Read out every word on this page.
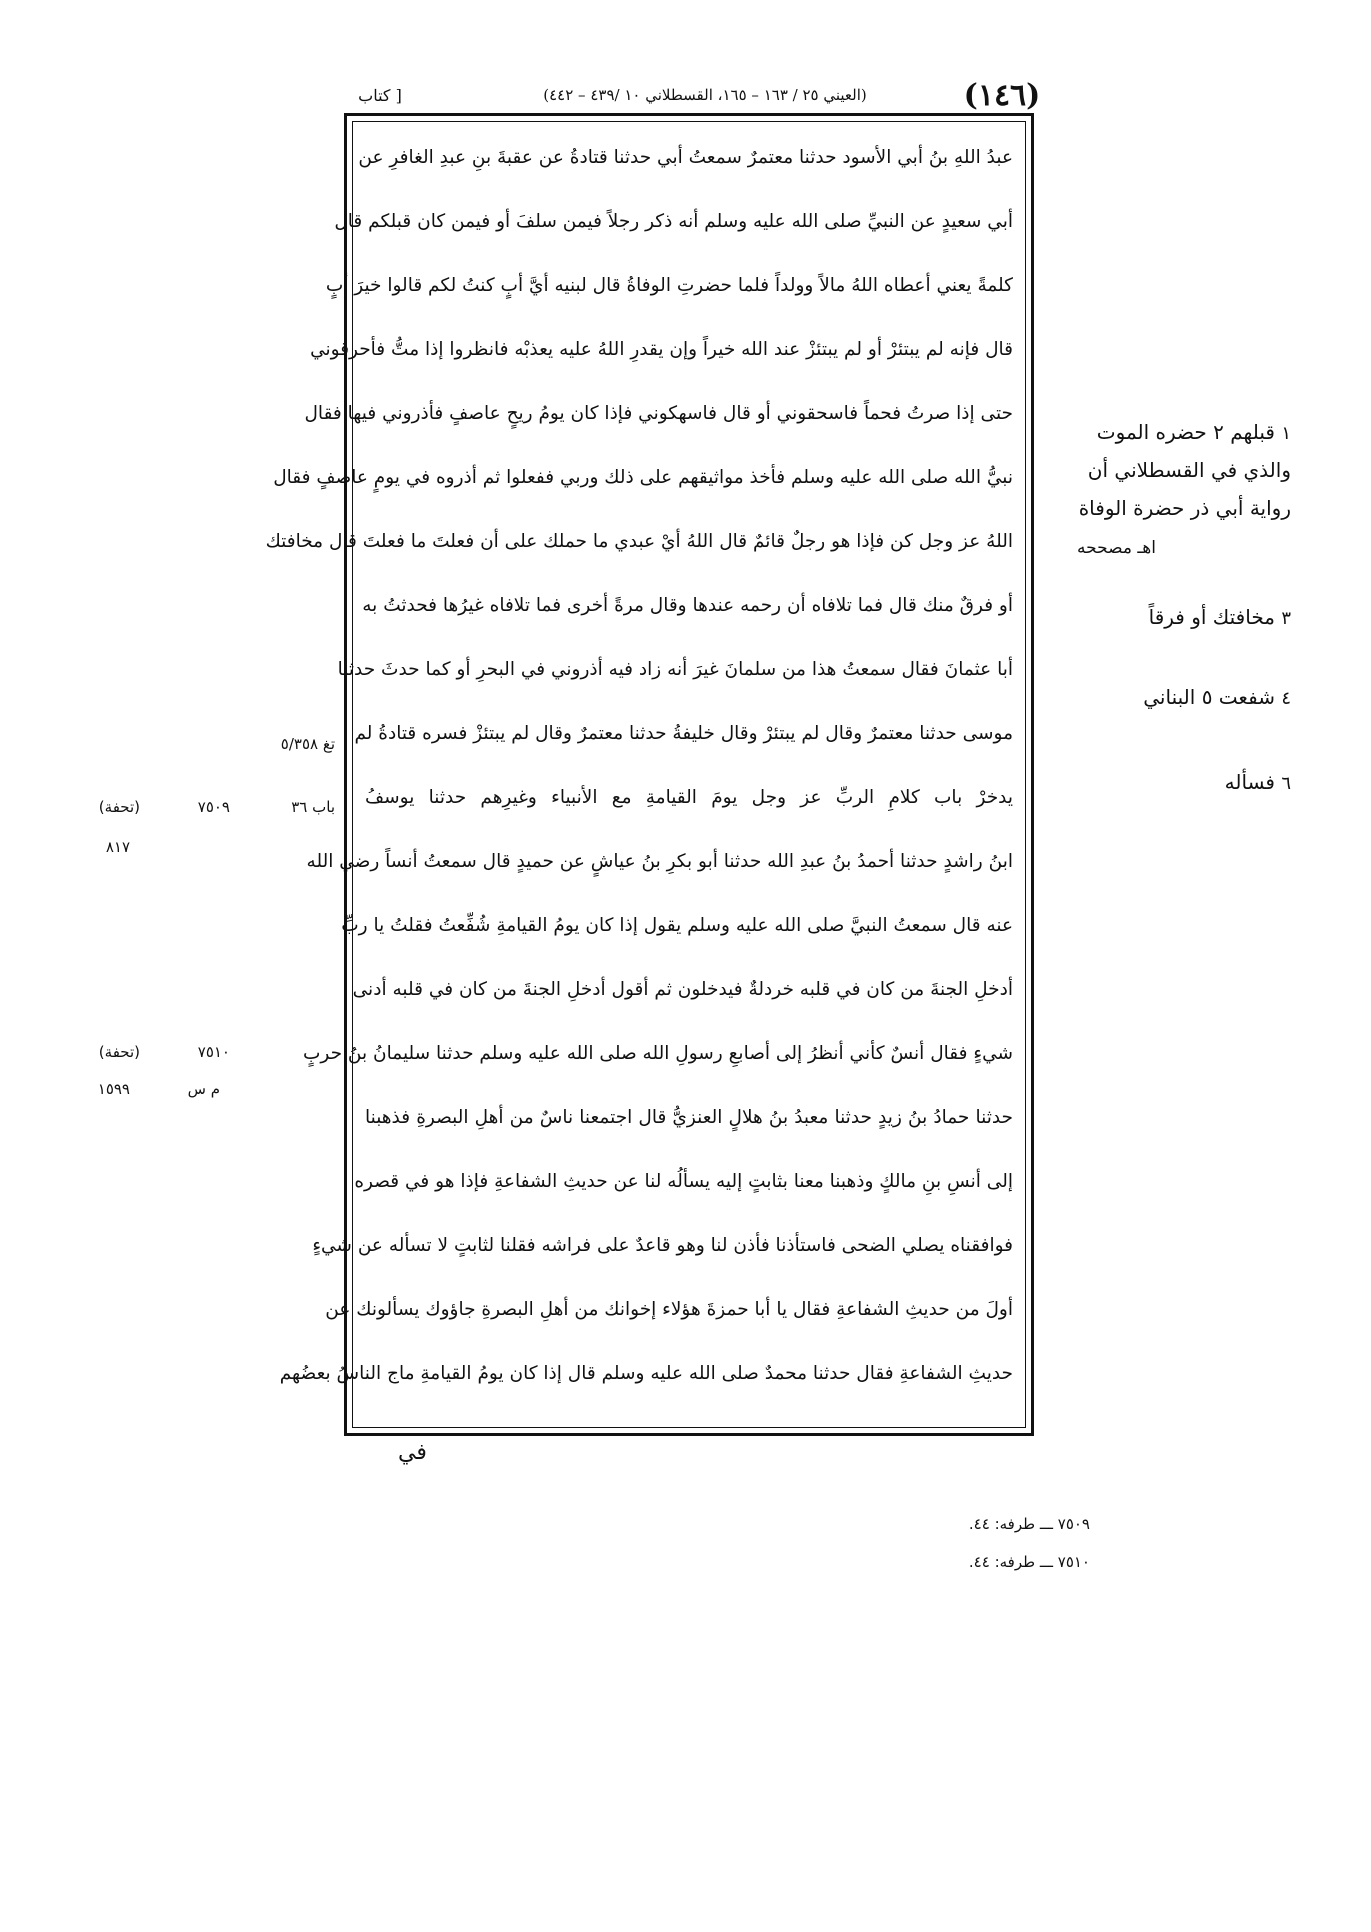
(١٤٦)
(العيني ٢٥ / ١٦٣ – ١٦٥، القسطلاني ١٠ /٤٣٩ – ٤٤٢)
[ كتاب
عبدُ اللهِ بنُ أبي الأسود حدثنا معتمرٌ سمعتُ أبي حدثنا قتادةُ عن عقبةَ بنِ عبدِ الغافرِ عن
أبي سعيدٍ عن النبيِّ صلى الله عليه وسلم أنه ذكر رجلاً فيمن سلفَ أو فيمن كان قبلكم قال
كلمةً يعني أعطاه اللهُ مالاً وولداً فلما حضرتِ الوفاةُ قال لبنيه أيَّ أبٍ كنتُ لكم قالوا خيرَ أبٍ
قال فإنه لم يبتئرْ أو لم يبتئزْ عند الله خيراً وإن يقدرِ اللهُ عليه يعذبْه فانظروا إذا متُّ فأحرقوني
حتى إذا صرتُ فحماً فاسحقوني أو قال فاسهكوني فإذا كان يومُ ريحٍ عاصفٍ فأذروني فيها فقال
نبيُّ الله صلى الله عليه وسلم فأخذ مواثيقهم على ذلك وربي ففعلوا ثم أذروه في يومٍ عاصفٍ فقال
اللهُ عز وجل كن فإذا هو رجلٌ قائمٌ قال اللهُ أيْ عبدي ما حملك على أن فعلتَ ما فعلتَ قال مخافتك
أو فرقٌ منك قال فما تلافاه أن رحمه عندها وقال مرةً أخرى فما تلافاه غيرُها فحدثتُ به
أبا عثمانَ فقال سمعتُ هذا من سلمانَ غيرَ أنه زاد فيه أذروني في البحرِ أو كما حدثَ حدثنا
موسى حدثنا معتمرٌ وقال لم يبتئرْ وقال خليفةُ حدثنا معتمرٌ وقال لم يبتئزْ فسره قتادةُ لم
يدخرْ باب كلامِ الربِّ عز وجل يومَ القيامةِ مع الأنبياء وغيرِهم حدثنا يوسفُ
ابنُ راشدٍ حدثنا أحمدُ بنُ عبدِ الله حدثنا أبو بكرِ بنُ عياشٍ عن حميدٍ قال سمعتُ أنساً رضي الله
عنه قال سمعتُ النبيَّ صلى الله عليه وسلم يقول إذا كان يومُ القيامةِ شُفِّعتُ فقلتُ يا ربِّ
أدخلِ الجنةَ من كان في قلبه خردلةٌ فيدخلون ثم أقول أدخلِ الجنةَ من كان في قلبه أدنى
شيءٍ فقال أنسٌ كأني أنظرُ إلى أصابعِ رسولِ الله صلى الله عليه وسلم حدثنا سليمانُ بنُ حربٍ
حدثنا حمادُ بنُ زيدٍ حدثنا معبدُ بنُ هلالٍ العنزيُّ قال اجتمعنا ناسٌ من أهلِ البصرةِ فذهبنا
إلى أنسِ بنِ مالكٍ وذهبنا معنا بثابتٍ إليه يسألُه لنا عن حديثِ الشفاعةِ فإذا هو في قصره
فوافقناه يصلي الضحى فاستأذنا فأذن لنا وهو قاعدٌ على فراشه فقلنا لثابتٍ لا تسأله عن شيءٍ
أولَ من حديثِ الشفاعةِ فقال يا أبا حمزةَ هؤلاء إخوانك من أهلِ البصرةِ جاؤوك يسألونك عن
حديثِ الشفاعةِ فقال حدثنا محمدٌ صلى الله عليه وسلم قال إذا كان يومُ القيامةِ ماج الناسُ بعضُهم
في
١ قبلهم ٢ حضره الموت
والذي في القسطلاني أن
رواية أبي ذر حضرة الوفاة
اهـ مصححه
٣ مخافتك أو فرقاً
٤ شفعت ٥ البناني
٦ فسأله
تغ ٥/٣٥٨
باب ٣٦
٧٥٠٩
(تحفة)
٨١٧
٧٥١٠
(تحفة)
م س
١٥٩٩
٧٥٠٩ ـــ طرفه: ٤٤.
٧٥١٠ ـــ طرفه: ٤٤.
